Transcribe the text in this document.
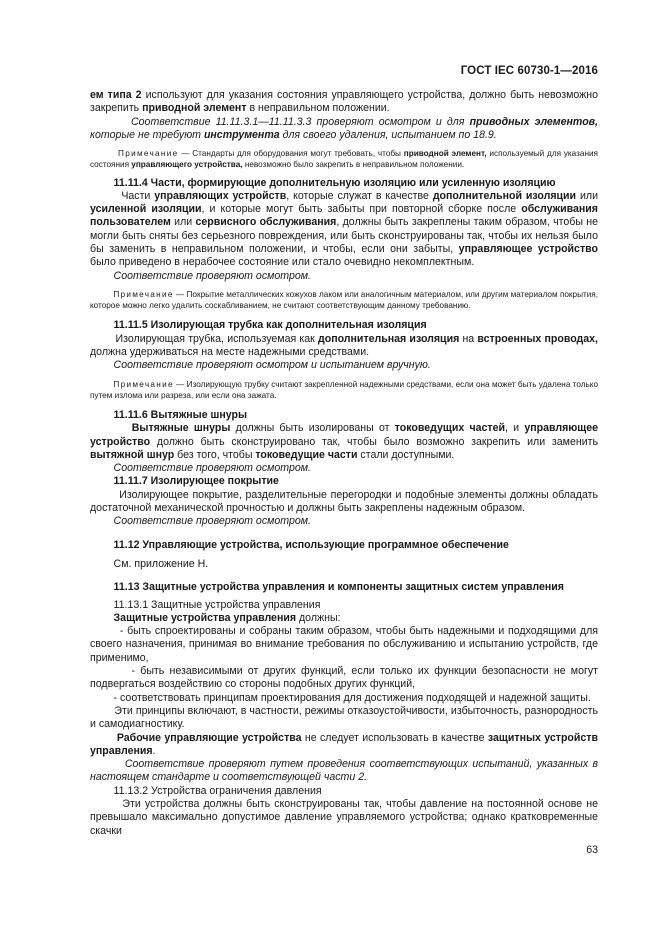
ГОСТ IEC 60730-1—2016

ем типа 2 используют для указания состояния управляющего устройства, должно быть невозможно закрепить приводной элемент в неправильном положении.

Соответствие 11.11.3.1—11.11.3.3 проверяют осмотром и для приводных элементов, которые не требуют инструмента для своего удаления, испытанием по 18.9.

Примечание — Стандарты для оборудования могут требовать, чтобы приводной элемент, используемый для указания состояния управляющего устройства, невозможно было закрепить в неправильном положении.

11.11.4 Части, формирующие дополнительную изоляцию или усиленную изоляцию

Части управляющих устройств, которые служат в качестве дополнительной изоляции или усиленной изоляции, и которые могут быть забыты при повторной сборке после обслуживания пользователем или сервисного обслуживания, должны быть закреплены таким образом, чтобы не могли быть сняты без серьезного повреждения, или быть сконструированы так, чтобы их нельзя было бы заменить в неправильном положении, и чтобы, если они забыты, управляющее устройство было приведено в нерабочее состояние или стало очевидно некомплектным.

Соответствие проверяют осмотром.

Примечание — Покрытие металлических кожухов лаком или аналогичным материалом, или другим материалом покрытия, которое можно легко удалить соскабливанием, не считают соответствующим данному требованию.

11.11.5 Изолирующая трубка как дополнительная изоляция

Изолирующая трубка, используемая как дополнительная изоляция на встроенных проводах, должна удерживаться на месте надежными средствами.

Соответствие проверяют осмотром и испытанием вручную.

Примечание — Изолирующую трубку считают закрепленной надежными средствами, если она может быть удалена только путем излома или разреза, или если она зажата.

11.11.6 Вытяжные шнуры

Вытяжные шнуры должны быть изолированы от токоведущих частей, и управляющее устройство должно быть сконструировано так, чтобы было возможно закрепить или заменить вытяжной шнур без того, чтобы токоведущие части стали доступными.

Соответствие проверяют осмотром.

11.11.7 Изолирующее покрытие

Изолирующее покрытие, разделительные перегородки и подобные элементы должны обладать достаточной механической прочностью и должны быть закреплены надежным образом.

Соответствие проверяют осмотром.

11.12 Управляющие устройства, использующие программное обеспечение

См. приложение Н.

11.13 Защитные устройства управления и компоненты защитных систем управления

11.13.1 Защитные устройства управления

Защитные устройства управления должны:

- быть спроектированы и собраны таким образом, чтобы быть надежными и подходящими для своего назначения, принимая во внимание требования по обслуживанию и испытанию устройств, где применимо,

- быть независимыми от других функций, если только их функции безопасности не могут подвергаться воздействию со стороны подобных других функций,

- соответствовать принципам проектирования для достижения подходящей и надежной защиты.

Эти принципы включают, в частности, режимы отказоустойчивости, избыточность, разнородность и самодиагностику.

Рабочие управляющие устройства не следует использовать в качестве защитных устройств управления.

Соответствие проверяют путем проведения соответствующих испытаний, указанных в настоящем стандарте и соответствующей части 2.

11.13.2 Устройства ограничения давления

Эти устройства должны быть сконструированы так, чтобы давление на постоянной основе не превышало максимально допустимое давление управляемого устройства; однако кратковременные скачки

63
